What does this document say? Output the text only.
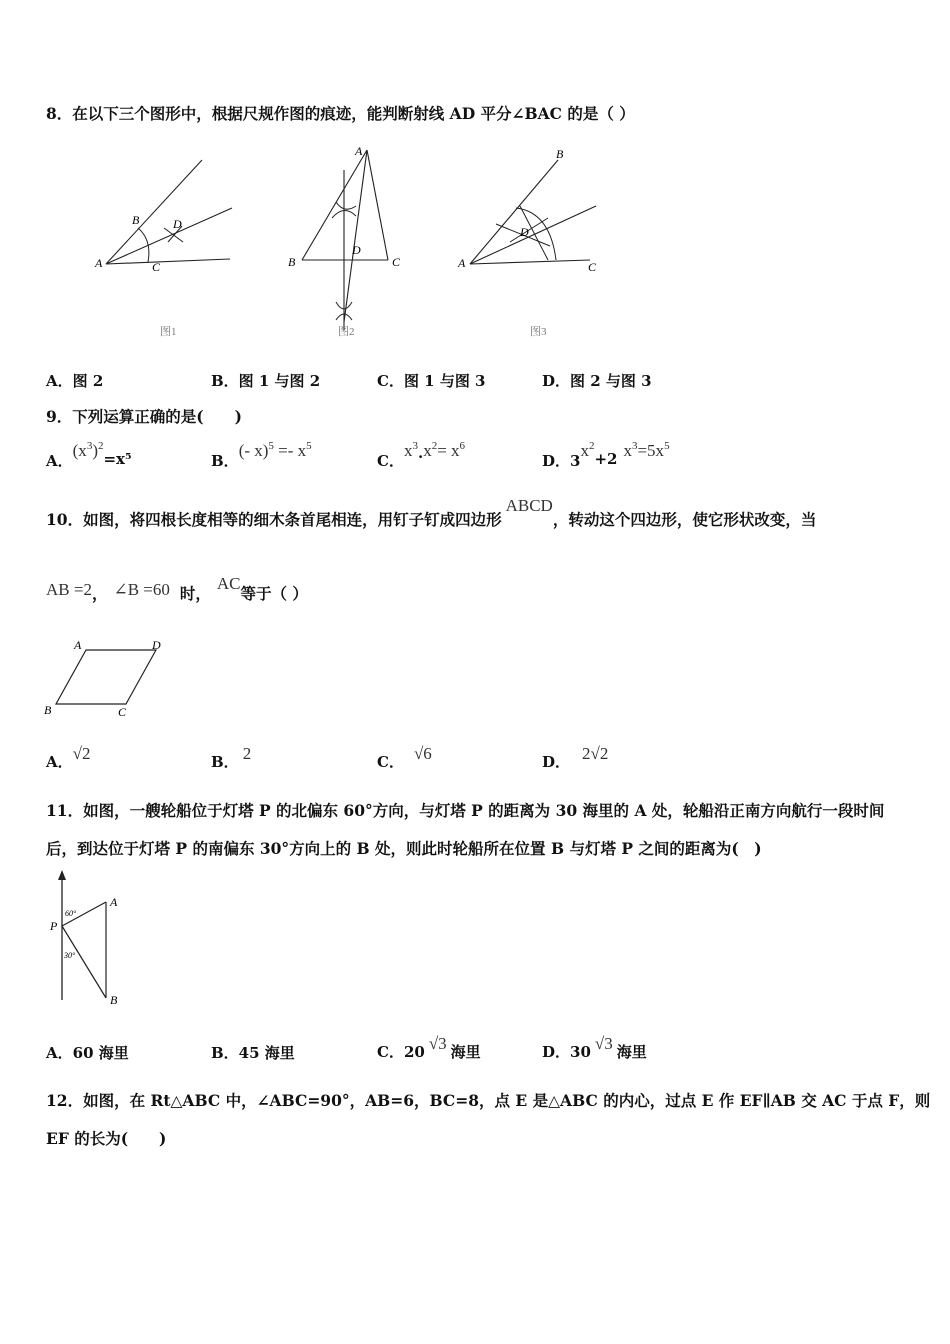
8．在以下三个图形中，根据尺规作图的痕迹，能判断射线 AD 平分∠BAC 的是（ ）
A
B
C
D
图1
A
B	C
D
图2
A
B
C
D
图3
A．图 2	B．图 1 与图 2	C．图 1 与图 3	D．图 2 与图 3
9．下列运算正确的是(　　)
A．$(x^3)^2=x^5$	B．(- $x)^5 =- x^5$
C．$x^3\cdot x^2= x^6$
D．$3x^2+2$ $x^3=5x^5$
10．如图，将四根长度相等的细木条首尾相连，用钉子钉成四边形ABCD，转动这个四边形，使它形状改变，当
AB =2， ∠B =60 时，AC等于（ ）
A	D
B	C
A．√2	B． 2	C． √6	D． 2√2
11．如图，一艘轮船位于灯塔 P 的北偏东 60°方向，与灯塔 P 的距离为 30 海里的 A 处，轮船沿正南方向航行一段时间
后，到达位于灯塔 P 的南偏东 30°方向上的 B 处，则此时轮船所在位置 B 与灯塔 P 之间的距离为(　)
P
A
B
60°
30°
A．60 海里	B．45 海里	C．20 √3 海里	D．30 √3 海里
12．如图，在 Rt△ABC 中，∠ABC=90°，AB=6，BC=8，点 E 是△ABC 的内心，过点 E 作 EF∥AB 交 AC 于点 F，则
EF 的长为(　　)
